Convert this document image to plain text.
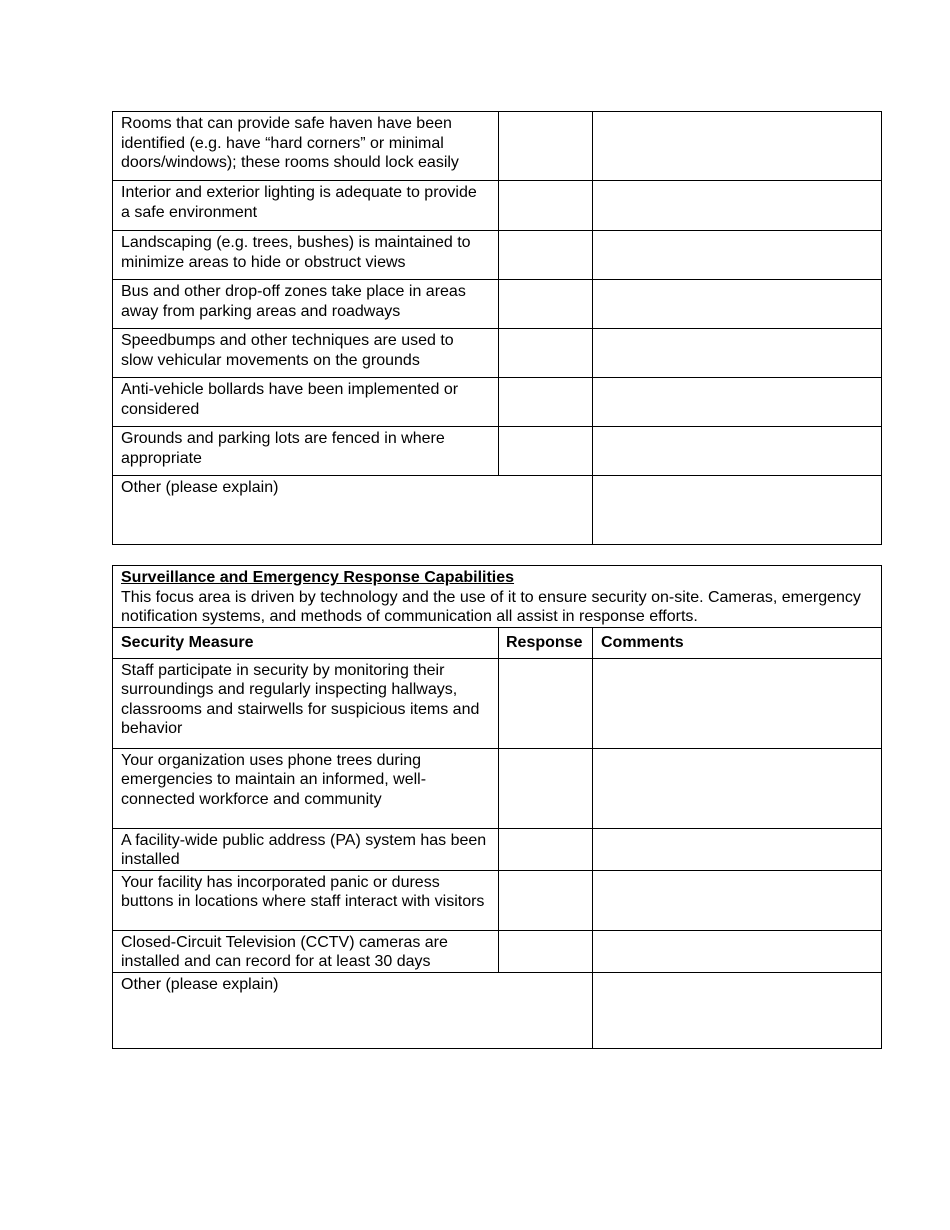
Rooms that can provide safe haven have been identified (e.g. have “hard corners” or minimal doors/windows); these rooms should lock easily		
Interior and exterior lighting is adequate to provide a safe environment		
Landscaping (e.g. trees, bushes) is maintained to minimize areas to hide or obstruct views		
Bus and other drop-off zones take place in areas away from parking areas and roadways		
Speedbumps and other techniques are used to slow vehicular movements on the grounds		
Anti-vehicle bollards have been implemented or considered		
Grounds and parking lots are fenced in where appropriate		
Other (please explain)		
Surveillance and Emergency Response Capabilities
This focus area is driven by technology and the use of it to ensure security on-site. Cameras, emergency notification systems, and methods of communication all assist in response efforts.		

Security Measure	Response	Comments
Staff participate in security by monitoring their surroundings and regularly inspecting hallways, classrooms and stairwells for suspicious items and behavior		
Your organization uses phone trees during emergencies to maintain an informed, well-connected workforce and community		
A facility-wide public address (PA) system has been installed		
Your facility has incorporated panic or duress buttons in locations where staff interact with visitors		
Closed-Circuit Television (CCTV) cameras are installed and can record for at least 30 days		
Other (please explain)		
